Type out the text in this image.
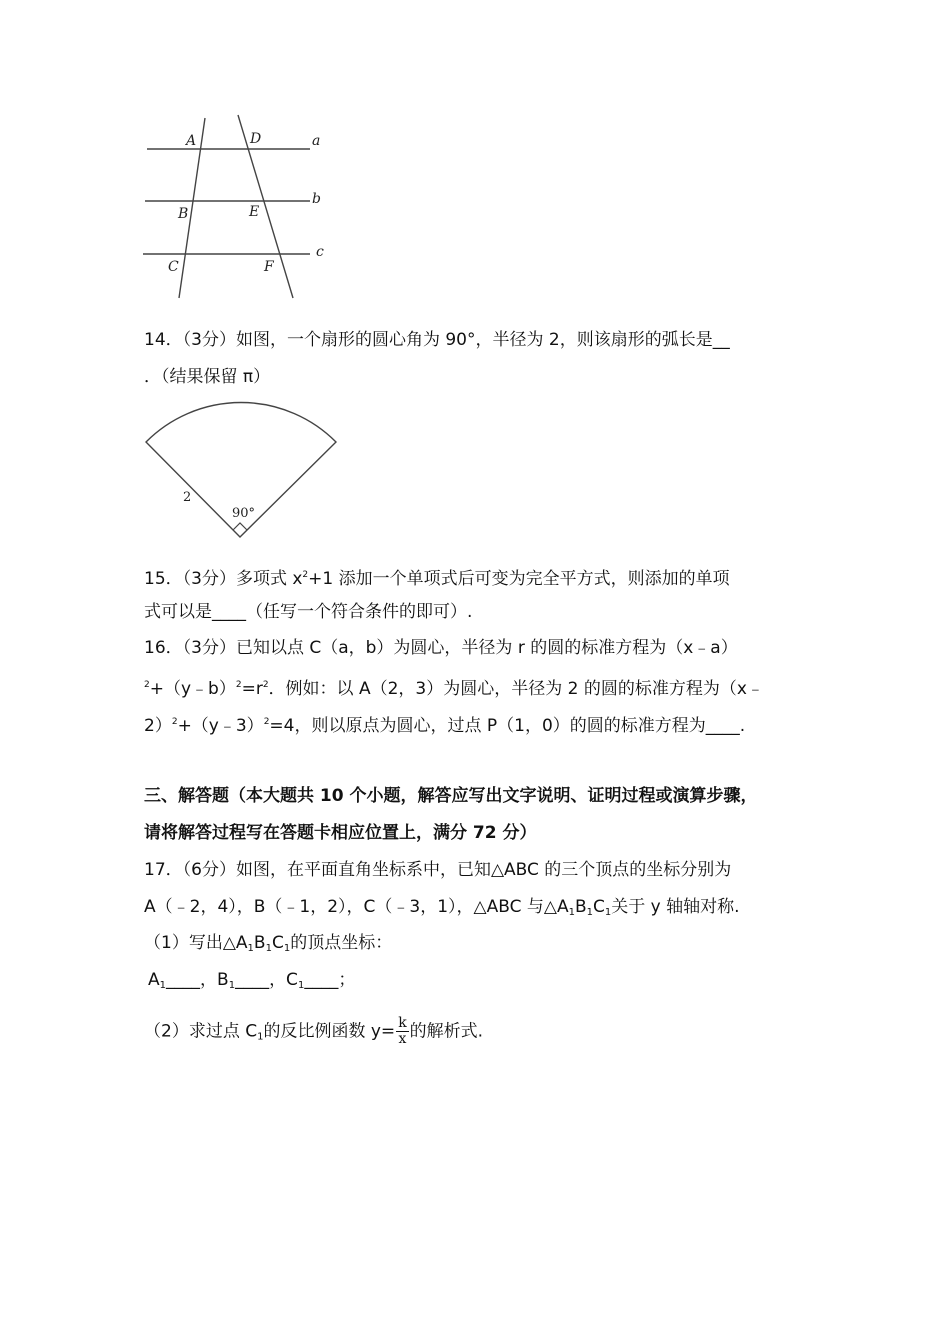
A	D	a
B	E
b
C	F
c
14．（3分）如图，一个扇形的圆心角为 90°，半径为 2，则该扇形的弧长是__
．（结果保留 π）
2
90°
15．（3分）多项式 $x^2+1$ 添加一个单项式后可变为完全平方式，则添加的单项
式可以是____（任写一个符合条件的即可）.
16．（3分）已知以点 C（a，b）为圆心，半径为 r 的圆的标准方程为（x﹣a）
$^2+(y﹣b)^2=r^2$．例如：以 A（2，3）为圆心，半径为 2 的圆的标准方程为（x﹣
2）$^2$+（y﹣3）$^2$=4，则以原点为圆心，过点 P（1，0）的圆的标准方程为____.
三、解答题（本大题共 10 个小题，解答应写出文字说明、证明过程或演算步骤，
请将解答过程写在答题卡相应位置上，满分 72 分）
17．（6分）如图，在平面直角坐标系中，已知△ABC 的三个顶点的坐标分别为
A（﹣2，4），B（﹣1，2），C（﹣3，1），△ABC 与$\triangle A_1B_1C_1$关于 y 轴轴对称.
（1）写出$\triangle A_1B_1C_1$的顶点坐标：
$A_1\_\_\_\_$，$B_1\_\_\_\_$，$C_1\_\_\_\_$；
（2）求过点 $C_1$的反比例函数 $y= \frac{k}{x}$ 的解析式.
